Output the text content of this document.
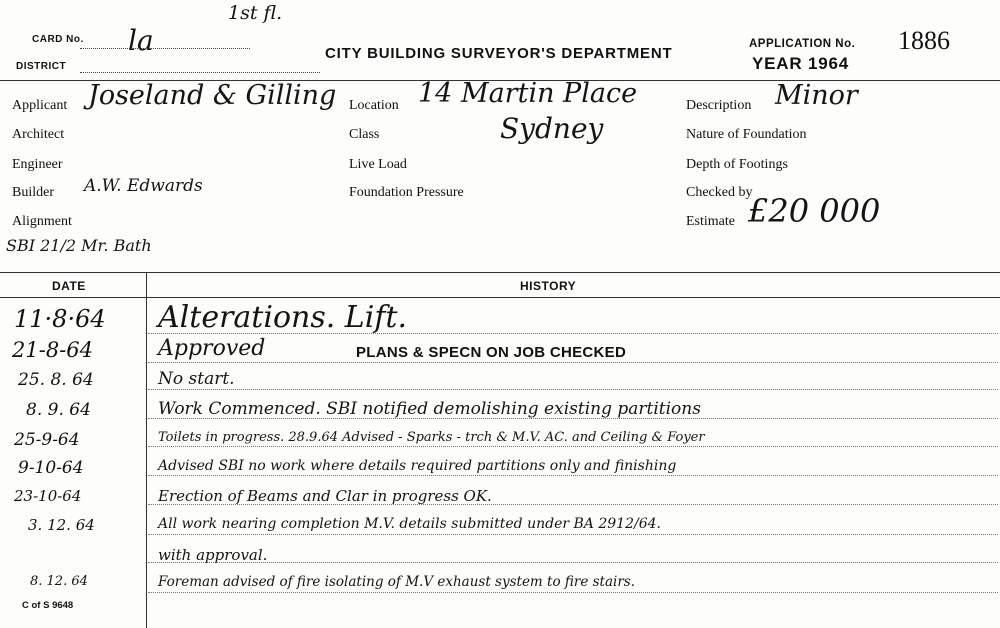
CARD No.
DISTRICT
la
1st fl.
CITY BUILDING SURVEYOR'S DEPARTMENT
APPLICATION No. 1886
YEAR 1964
Applicant Joseland & Gilling
Architect
Engineer
Builder A.W. Edwards
Alignment
SBI 21/2 Mr. Bath
Location 14 Martin Place
Class	Sydney
Live Load
Foundation Pressure
Description Minor
Nature of Foundation
Depth of Footings
Checked by
Estimate £20 000
DATE	HISTORY
11·8·64 Alterations. Lift.
21-8-64	Approved	PLANS & SPECN ON JOB CHECKED
25. 8. 64	No start.
8. 9. 64	Work Commenced. SBI notified demolishing existing partitions
25-9-64	Toilets in progress. 28.9.64 Advised - Sparks - trch & M.V. AC. and Ceiling & Foyer
9-10-64	Advised SBI no work where details required partitions only and finishing
23-10-64	Erection of Beams and Clar in progress OK.
3. 12. 64	All work nearing completion M.V. details submitted under BA 2912/64.
with approval.
8. 12. 64	Foreman advised of fire isolating of M.V exhaust system to fire stairs.
C of S 9648
